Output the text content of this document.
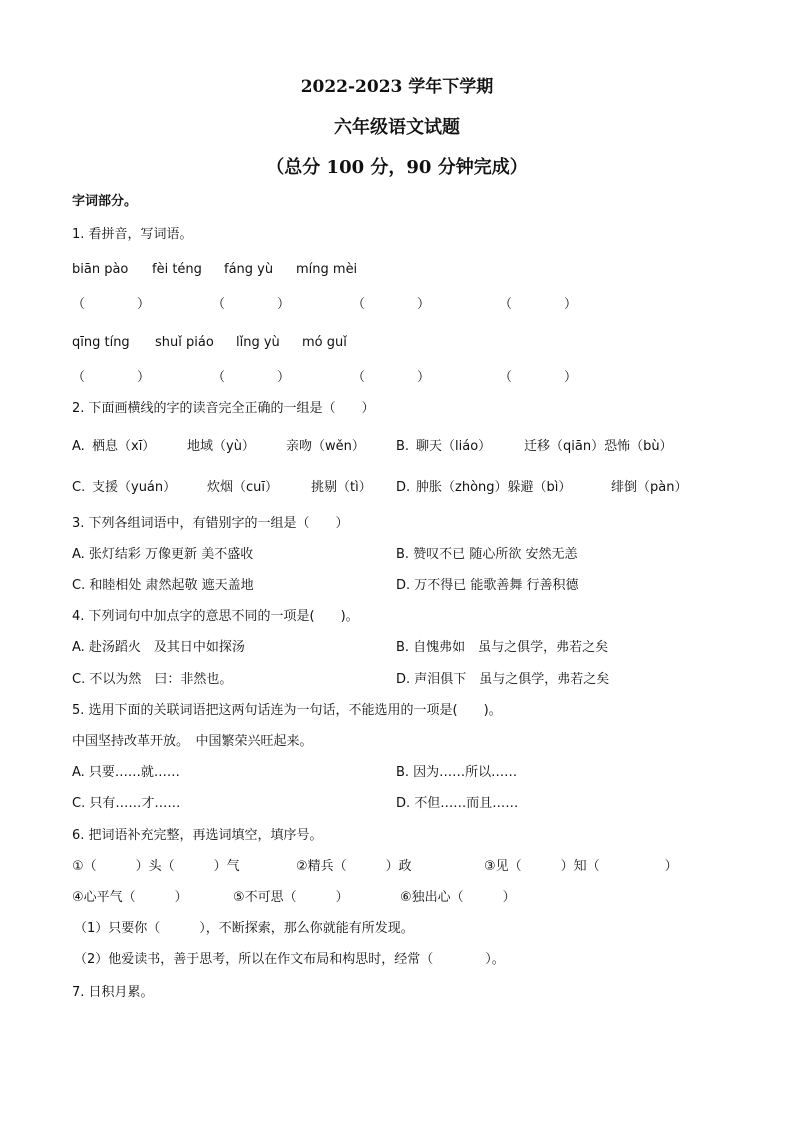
2022-2023 学年下学期
六年级语文试题
（总分 100 分，90 分钟完成）
字词部分。
1. 看拼音，写词语。
biān pào fèi téng fáng yù míng mèi
（　　　　）	（　　　　）	（　　　　）	（　　　　）
qīng tíng shuǐ piáo lǐng yù mó guǐ
（　　　　）	（　　　　）	（　　　　）	（　　　　）
2. 下面画横线的字的读音完全正确的一组是（　　）
A. 栖息（xī） 地域（yù） 亲吻（wěn） B. 聊天（liáo）	迁移（qiān）恐怖（bù）
C. 支援（yuán） 炊烟（cuī）	挑剔（tì） D. 肿胀（zhòng）躲避（bì）	绯倒（pàn）
3. 下列各组词语中，有错别字的一组是（　　）
A. 张灯结彩 万像更新 美不盛收	B. 赞叹不已 随心所欲 安然无恙
C. 和睦相处 肃然起敬 遮天盖地	D. 万不得已 能歌善舞 行善积德
4. 下列词句中加点字的意思不同的一项是(　　)。
A. 赴汤蹈火　及其日中如探汤	B. 自愧弗如　虽与之俱学，弗若之矣
C. 不以为然　曰：非然也。	D. 声泪俱下　虽与之俱学，弗若之矣
5. 选用下面的关联词语把这两句话连为一句话，不能选用的一项是(　　)。
中国坚持改革开放。　中国繁荣兴旺起来。
A. 只要……就……	B. 因为……所以……
C. 只有……才……	D. 不但……而且……
6. 把词语补充完整，再选词填空，填序号。
①（　　　）头（　　　）气	②精兵（　　　）政	③见（　　　）知（　　　　　）
④心平气（　　　）	⑤不可思（　　　）	⑥独出心（　　　）
（1）只要你（　　　），不断探索，那么你就能有所发现。
（2）他爱读书，善于思考，所以在作文布局和构思时，经常（　　　　）。
7. 日积月累。
